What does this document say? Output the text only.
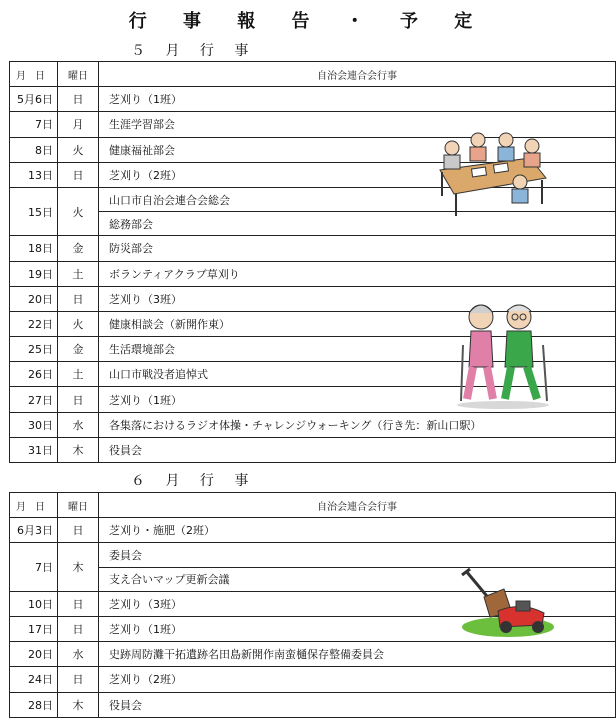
行 事 報 告 ・ 予 定
５ 月 行 事
月 日	曜日	自治会連合会行事
5月6日	日	芝刈り（1班）
7日	月	生涯学習部会
8日	火	健康福祉部会
13日	日	芝刈り（2班）
15日	火	山口市自治会連合会総会
		総務部会
18日	金	防災部会
19日	土	ボランティアクラブ草刈り
20日	日	芝刈り（3班）
22日	火	健康相談会（新開作東）
25日	金	生活環境部会
26日	土	山口市戦没者追悼式
27日	日	芝刈り（1班）
30日	水	各集落におけるラジオ体操・チャレンジウォーキング（行き先：新山口駅）
31日	木	役員会
６ 月 行 事
月 日	曜日	自治会連合会行事
6月3日	日	芝刈り・施肥（2班）
7日	木	委員会
		支え合いマップ更新会議
10日	日	芝刈り（3班）
17日	日	芝刈り（1班）
20日	水	史跡周防灘干拓遺跡名田島新開作南蛮樋保存整備委員会
24日	日	芝刈り（2班）
28日	木	役員会
